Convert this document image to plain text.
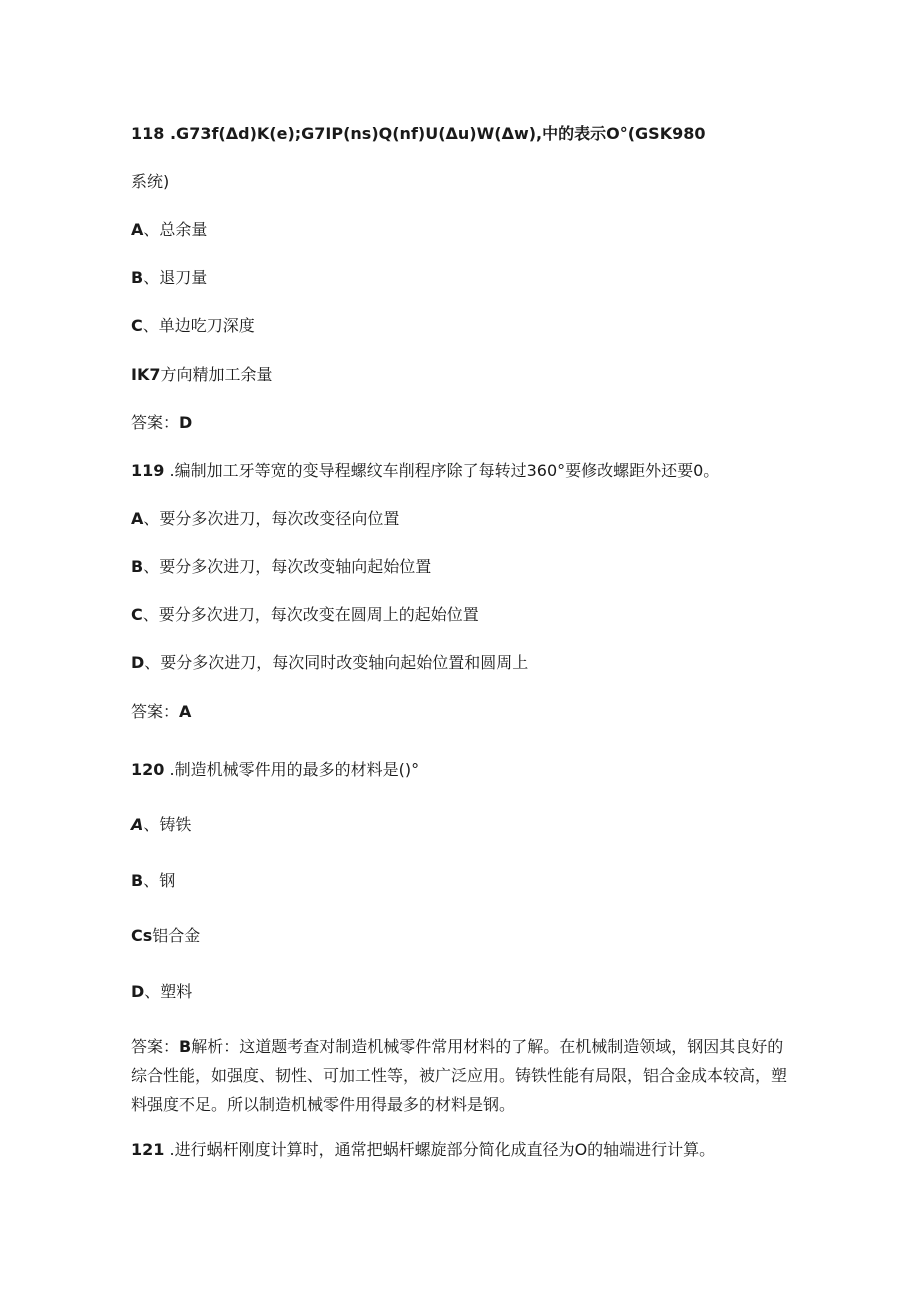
118 .G73f(Δd)K(e);G7IP(ns)Q(nf)U(Δu)W(Δw),中的表示O°(GSK980

系统)

A、总余量

B、退刀量

C、单边吃刀深度

IK7方向精加工余量

答案：D

119 .编制加工牙等宽的变导程螺纹车削程序除了每转过360°要修改螺距外还要0。

A、要分多次进刀，每次改变径向位置

B、要分多次进刀，每次改变轴向起始位置

C、要分多次进刀，每次改变在圆周上的起始位置

D、要分多次进刀，每次同时改变轴向起始位置和圆周上

答案：A

120 .制造机械零件用的最多的材料是()°

A、铸铁

B、钢

Cs铝合金

D、塑料

答案：B解析：这道题考查对制造机械零件常用材料的了解。在机械制造领域，钢因其良好的综合性能，如强度、韧性、可加工性等，被广泛应用。铸铁性能有局限，铝合金成本较高，塑料强度不足。所以制造机械零件用得最多的材料是钢。

121 .进行蜗杆刚度计算时，通常把蜗杆螺旋部分简化成直径为O的轴端进行计算。
